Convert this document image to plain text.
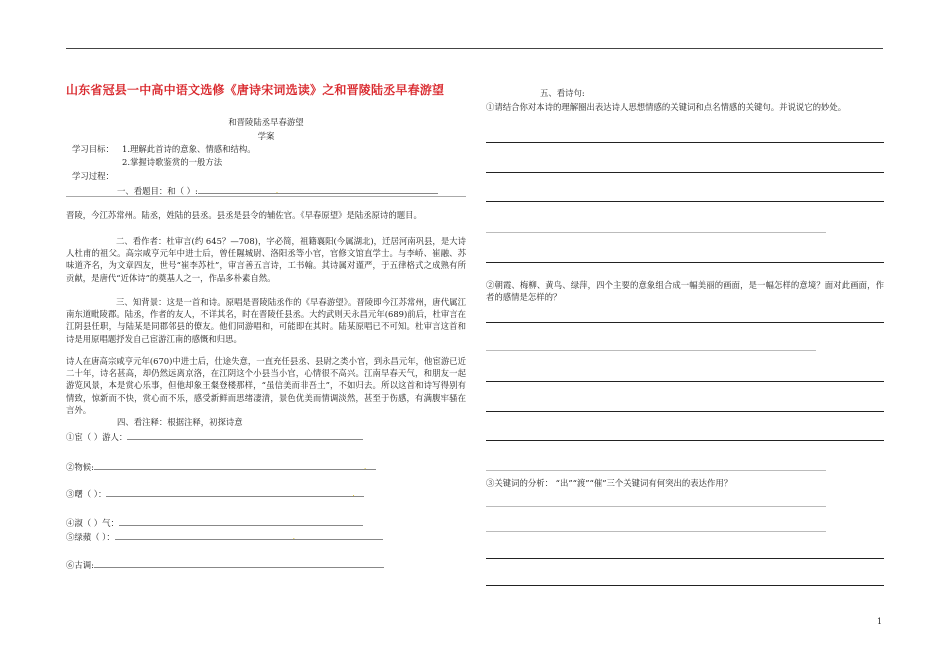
山东省冠县一中高中语文选修《唐诗宋词选读》之和晋陵陆丞早春游望
和晋陵陆丞早春游望
学案
学习目标： 1.理解此首诗的意象、情感和结构。
2.掌握诗歌鉴赏的一般方法
学习过程：
一、看题目：和（ ）:	.
晋陵，今江苏常州。陆丞，姓陆的县丞。县丞是县令的辅佐官。《早春原望》是陆丞原诗的题目。
二、看作者：杜审言(约 645？—708)，字必简，祖籍襄阳(今属湖北)，迁居河南巩县，是大诗人杜甫的祖父。高宗咸亨元年中进士后，曾任隰城尉、洛阳丞等小官，官修文馆直学士。与李峤、崔融、苏味道齐名，为文章四友，世号“崔李苏杜”，审言善五言诗，工书翰。其诗属对谨严，于五律格式之成熟有所贡献，是唐代“近体诗”的奠基人之一，作品多朴素自然。
三、知背景：这是一首和诗。原唱是晋陵陆丞作的《早春游望》。晋陵即今江苏常州，唐代属江南东道毗陵郡。陆丞，作者的友人，不详其名，时在晋陵任县丞。大约武则天永昌元年(689)前后，杜审言在江阴县任职，与陆某是同郡邻县的僚友。他们同游唱和，可能即在其时。陆某原唱已不可知。杜审言这首和诗是用原唱题抒发自己宦游江南的感慨和归思。
诗人在唐高宗咸亨元年(670)中进士后，仕途失意，一直充任县丞、县尉之类小官，到永昌元年，他宦游已近二十年，诗名甚高，却仍然远离京洛，在江阴这个小县当小官，心情很不高兴。江南早春天气，和朋友一起游览风景，本是赏心乐事，但他却象王粲登楼那样，“虽信美而非吾土”，不如归去。所以这首和诗写得别有情致，惊新而不快，赏心而不乐，感受新鲜而思绪凄清，景色优美而情调淡然，甚至于伤感，有满腹牢骚在言外。
四、看注释：根据注释，初探诗意
①宦（ ）游人：
②物候:	.
③曙（ ）：	.
④淑（ ）气：
⑤绿蘋（ ）：	.
⑥古调:
五、看诗句:
①请结合你对本诗的理解圈出表达诗人思想情感的关键词和点名情感的关键句。并说说它的妙处。
②朝霞、梅柳、黄鸟、绿萍，四个主要的意象组合成一幅美丽的画面，是一幅怎样的意境？面对此画面，作者的感情是怎样的？
③关键词的分析： “出”“渡”“催”三个关键词有何突出的表达作用？
1
